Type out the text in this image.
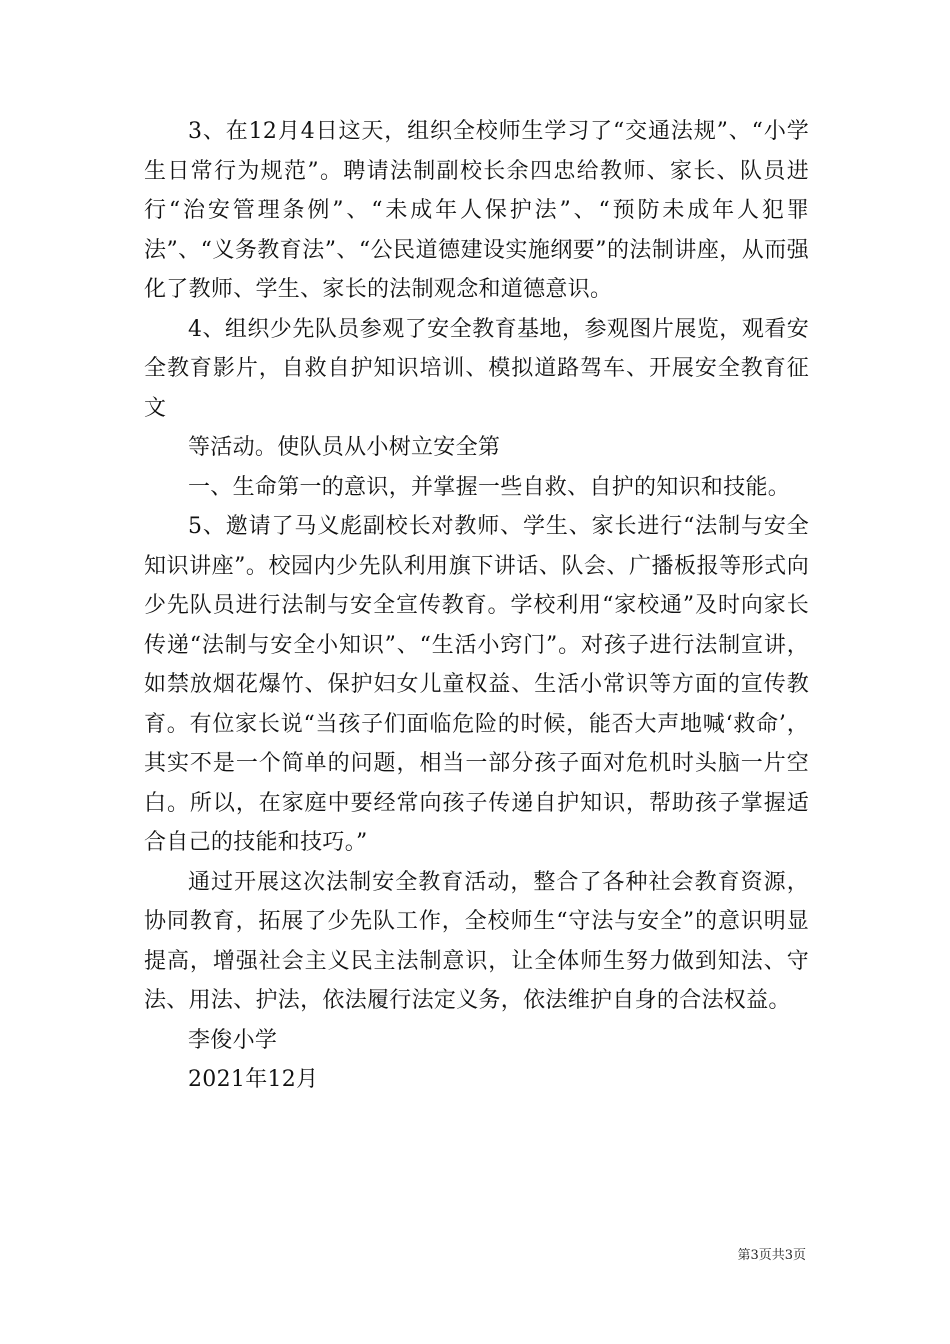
3、在12月4日这天，组织全校师生学习了“交通法规”、“小学生日常行为规范”。聘请法制副校长余四忠给教师、家长、队员进行“治安管理条例”、“未成年人保护法”、“预防未成年人犯罪法”、“义务教育法”、“公民道德建设实施纲要”的法制讲座，从而强化了教师、学生、家长的法制观念和道德意识。

4、组织少先队员参观了安全教育基地，参观图片展览，观看安全教育影片，自救自护知识培训、模拟道路驾车、开展安全教育征文

等活动。使队员从小树立安全第

一、生命第一的意识，并掌握一些自救、自护的知识和技能。

5、邀请了马义彪副校长对教师、学生、家长进行“法制与安全知识讲座”。校园内少先队利用旗下讲话、队会、广播板报等形式向少先队员进行法制与安全宣传教育。学校利用“家校通”及时向家长传递“法制与安全小知识”、“生活小窍门”。对孩子进行法制宣讲，如禁放烟花爆竹、保护妇女儿童权益、生活小常识等方面的宣传教育。有位家长说“当孩子们面临危险的时候，能否大声地喊‘救命’，其实不是一个简单的问题，相当一部分孩子面对危机时头脑一片空白。所以，在家庭中要经常向孩子传递自护知识，帮助孩子掌握适合自己的技能和技巧。”

通过开展这次法制安全教育活动，整合了各种社会教育资源，协同教育，拓展了少先队工作，全校师生“守法与安全”的意识明显提高，增强社会主义民主法制意识，让全体师生努力做到知法、守法、用法、护法，依法履行法定义务，依法维护自身的合法权益。

李俊小学

2021年12月

第3页共3页
